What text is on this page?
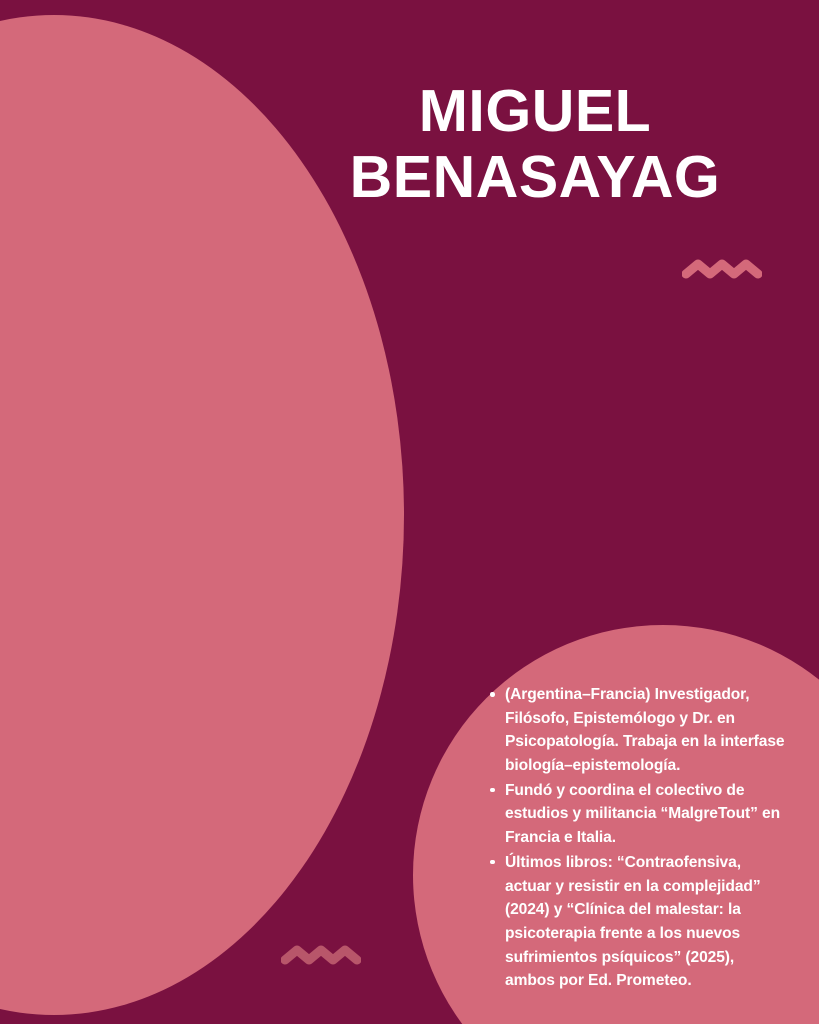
MIGUEL
BENASAYAG
(Argentina–Francia) Investigador, Filósofo, Epistemólogo y Dr. en Psicopatología. Trabaja en la interfase biología–epistemología.
Fundó y coordina el colectivo de estudios y militancia “MalgreTout” en Francia e Italia.
Últimos libros: “Contraofensiva, actuar y resistir en la complejidad” (2024) y “Clínica del malestar: la psicoterapia frente a los nuevos sufrimientos psíquicos” (2025), ambos por Ed. Prometeo.
